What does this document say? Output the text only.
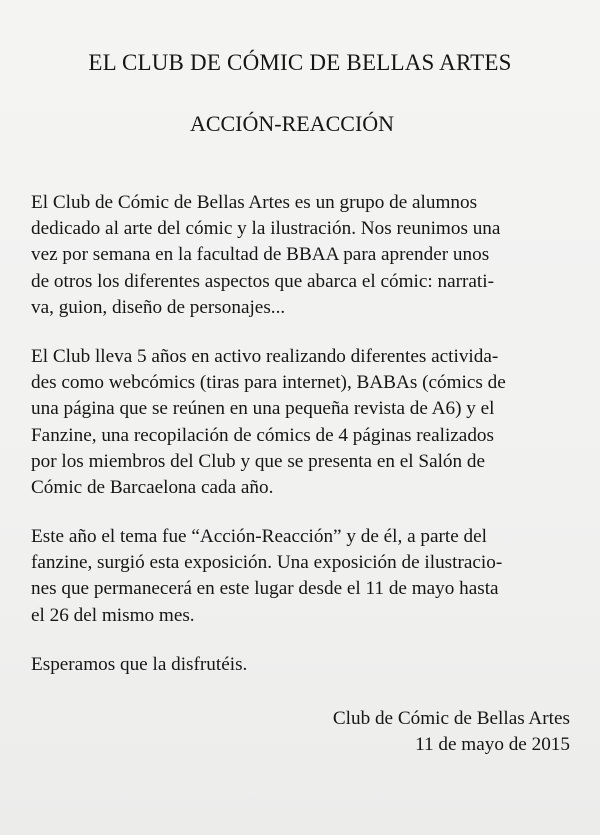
EL CLUB DE CÓMIC DE BELLAS ARTES
ACCIÓN-REACCIÓN
El Club de Cómic de Bellas Artes es un grupo de alumnos
dedicado al arte del cómic y la ilustración. Nos reunimos una
vez por semana en la facultad de BBAA para aprender unos
de otros los diferentes aspectos que abarca el cómic: narrati-
va, guion, diseño de personajes...
El Club lleva 5 años en activo realizando diferentes activida-
des como webcómics (tiras para internet), BABAs (cómics de
una página que se reúnen en una pequeña revista de A6) y el
Fanzine, una recopilación de cómics de 4 páginas realizados
por los miembros del Club y que se presenta en el Salón de
Cómic de Barcaelona cada año.
Este año el tema fue “Acción-Reacción” y de él, a parte del
fanzine, surgió esta exposición. Una exposición de ilustracio-
nes que permanecerá en este lugar desde el 11 de mayo hasta
el 26 del mismo mes.
Esperamos que la disfrutéis.
Club de Cómic de Bellas Artes
11 de mayo de 2015
